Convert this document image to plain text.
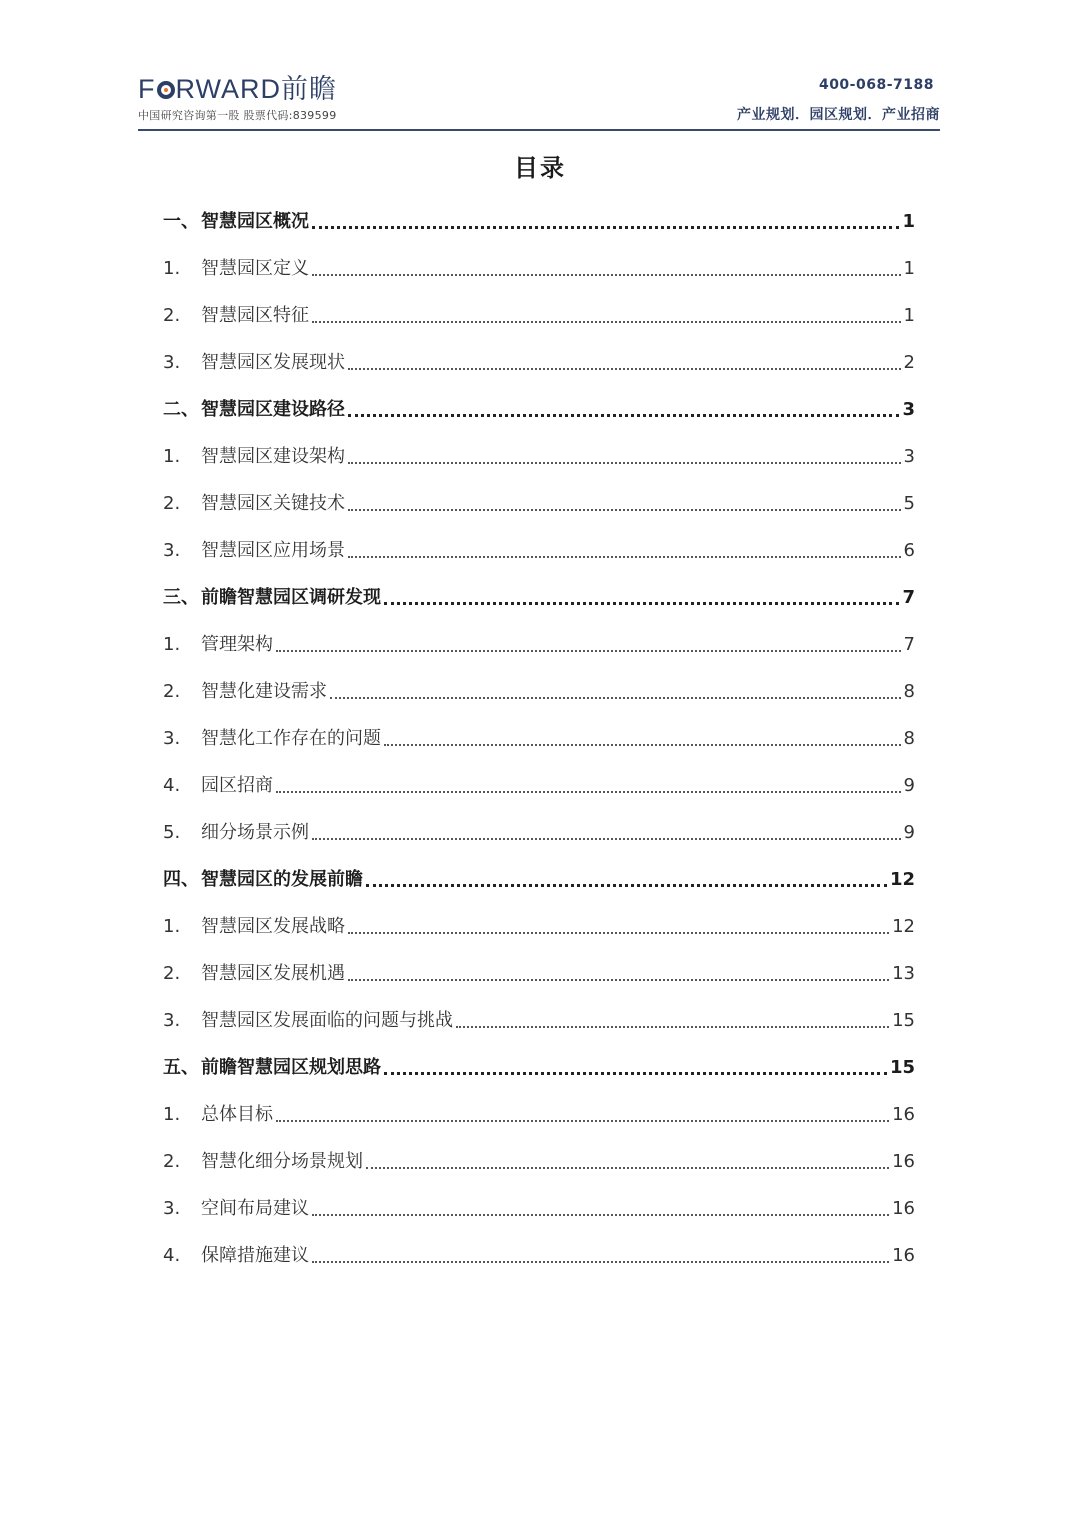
F RWARD前瞻
中国研究咨询第一股 股票代码:839599
400-068-7188
产业规划．园区规划．产业招商
目录
一、 智慧园区概况	1
1.	智慧园区定义	1
2.	智慧园区特征	1
3.	智慧园区发展现状	2
二、 智慧园区建设路径	3
1.	智慧园区建设架构	3
2.	智慧园区关键技术	5
3.	智慧园区应用场景	6
三、 前瞻智慧园区调研发现	7
1.	管理架构	7
2.	智慧化建设需求	8
3.	智慧化工作存在的问题	8
4.	园区招商	9
5.	细分场景示例	9
四、 智慧园区的发展前瞻	12
1.	智慧园区发展战略	12
2.	智慧园区发展机遇	13
3.	智慧园区发展面临的问题与挑战	15
五、 前瞻智慧园区规划思路	15
1.	总体目标	16
2.	智慧化细分场景规划	16
3.	空间布局建议	16
4.	保障措施建议	16
